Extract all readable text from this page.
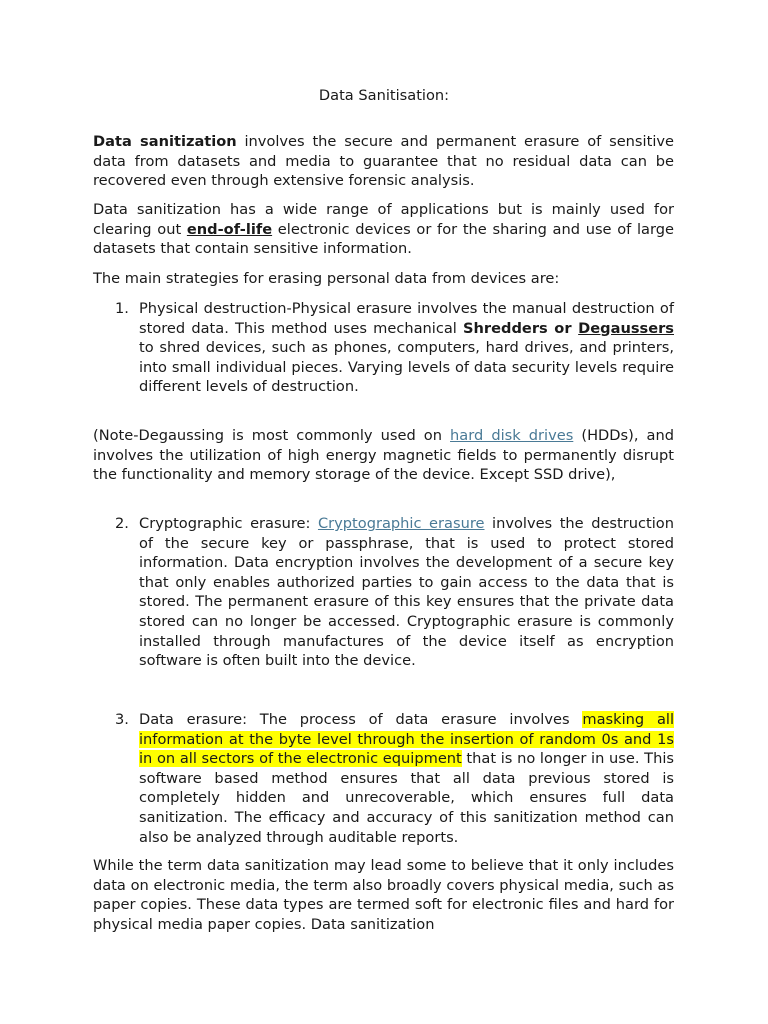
Data Sanitisation:
Data sanitization involves the secure and permanent erasure of sensitive data from datasets and media to guarantee that no residual data can be recovered even through extensive forensic analysis.
Data sanitization has a wide range of applications but is mainly used for clearing out end-of-life electronic devices or for the sharing and use of large datasets that contain sensitive information.
The main strategies for erasing personal data from devices are:
1. Physical destruction-Physical erasure involves the manual destruction of stored data. This method uses mechanical Shredders or Degaussers to shred devices, such as phones, computers, hard drives, and printers, into small individual pieces. Varying levels of data security levels require different levels of destruction.
(Note-Degaussing is most commonly used on hard disk drives (HDDs), and involves the utilization of high energy magnetic fields to permanently disrupt the functionality and memory storage of the device. Except SSD drive),
2. Cryptographic erasure: Cryptographic erasure involves the destruction of the secure key or passphrase, that is used to protect stored information. Data encryption involves the development of a secure key that only enables authorized parties to gain access to the data that is stored. The permanent erasure of this key ensures that the private data stored can no longer be accessed. Cryptographic erasure is commonly installed through manufactures of the device itself as encryption software is often built into the device.
3. Data erasure: The process of data erasure involves masking all information at the byte level through the insertion of random 0s and 1s in on all sectors of the electronic equipment that is no longer in use. This software based method ensures that all data previous stored is completely hidden and unrecoverable, which ensures full data sanitization. The efficacy and accuracy of this sanitization method can also be analyzed through auditable reports.
While the term data sanitization may lead some to believe that it only includes data on electronic media, the term also broadly covers physical media, such as paper copies. These data types are termed soft for electronic files and hard for physical media paper copies. Data sanitization
